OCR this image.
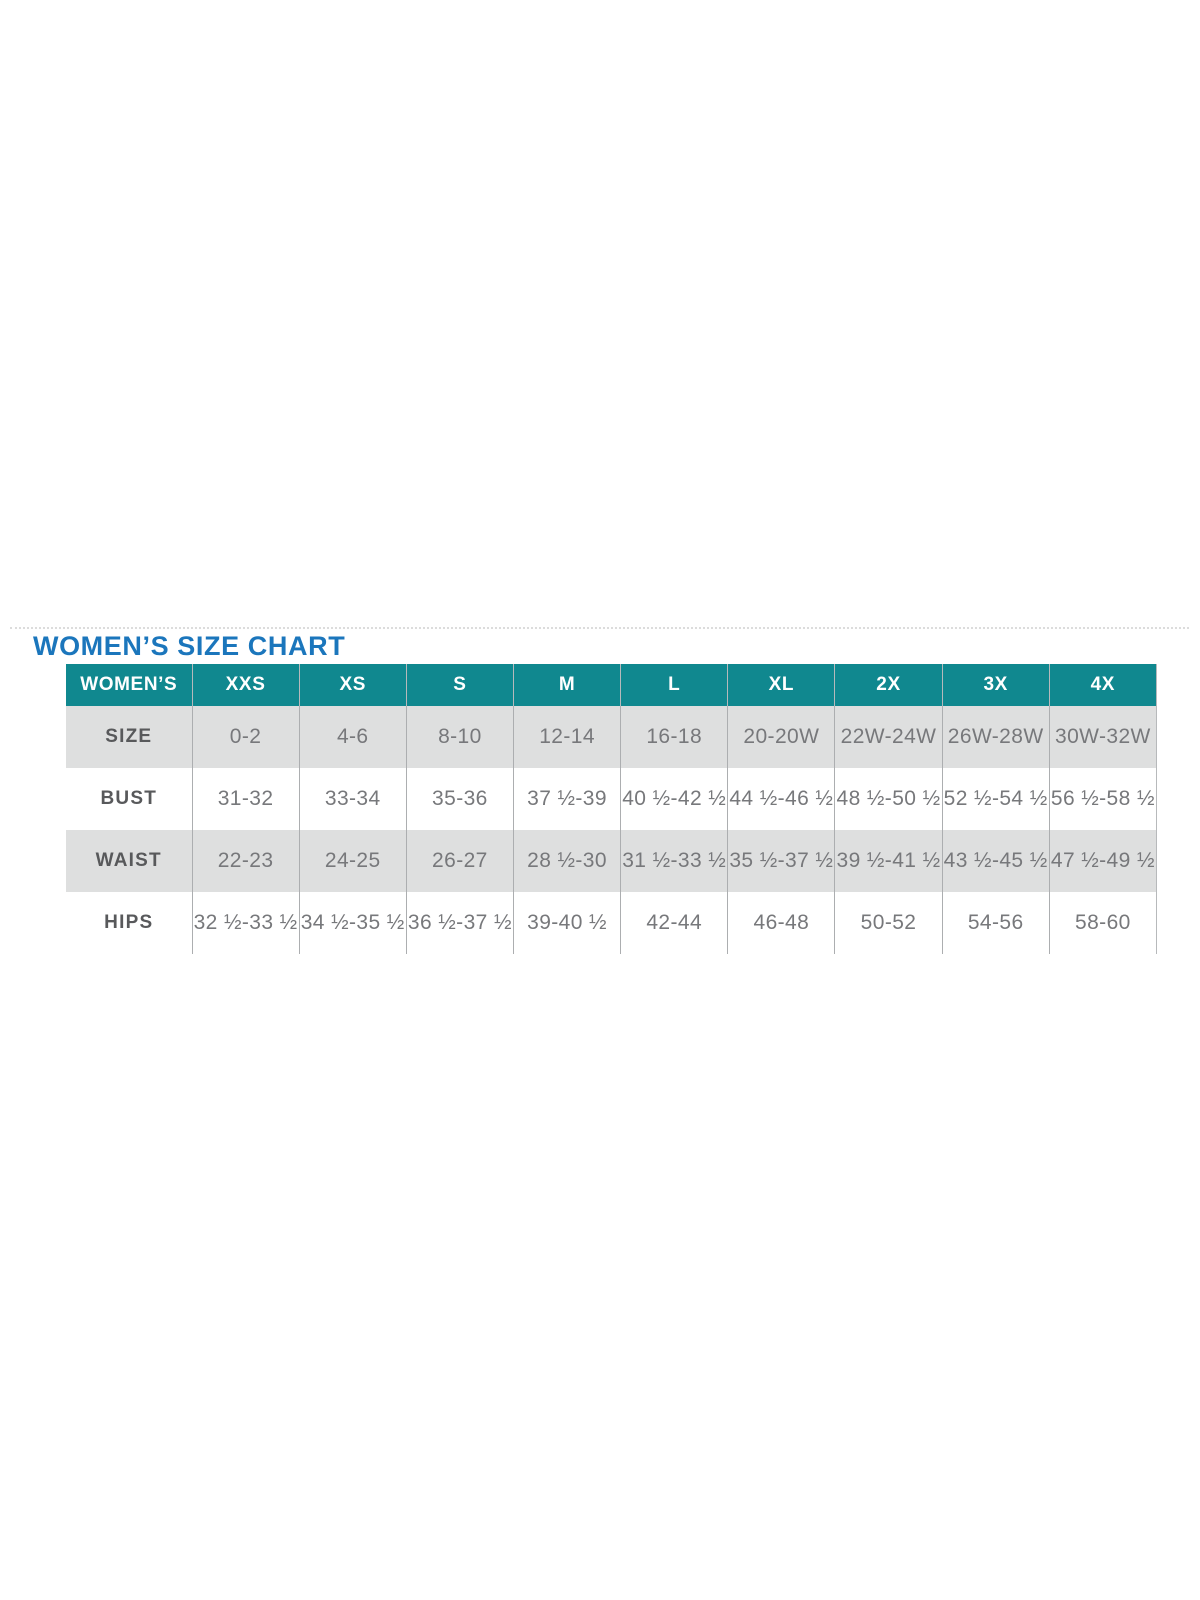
WOMEN’S SIZE CHART
WOMEN’S	XXS	XS	S	M	L	XL	2X	3X	4X
SIZE	0-2	4-6	8-10	12-14	16-18	20-20W	22W-24W	26W-28W	30W-32W
BUST	31-32	33-34	35-36	37 ½-39	40 ½-42 ½	44 ½-46 ½	48 ½-50 ½	52 ½-54 ½	56 ½-58 ½
WAIST	22-23	24-25	26-27	28 ½-30	31 ½-33 ½	35 ½-37 ½	39 ½-41 ½	43 ½-45 ½	47 ½-49 ½
HIPS	32 ½-33 ½	34 ½-35 ½	36 ½-37 ½	39-40 ½	42-44	46-48	50-52	54-56	58-60
